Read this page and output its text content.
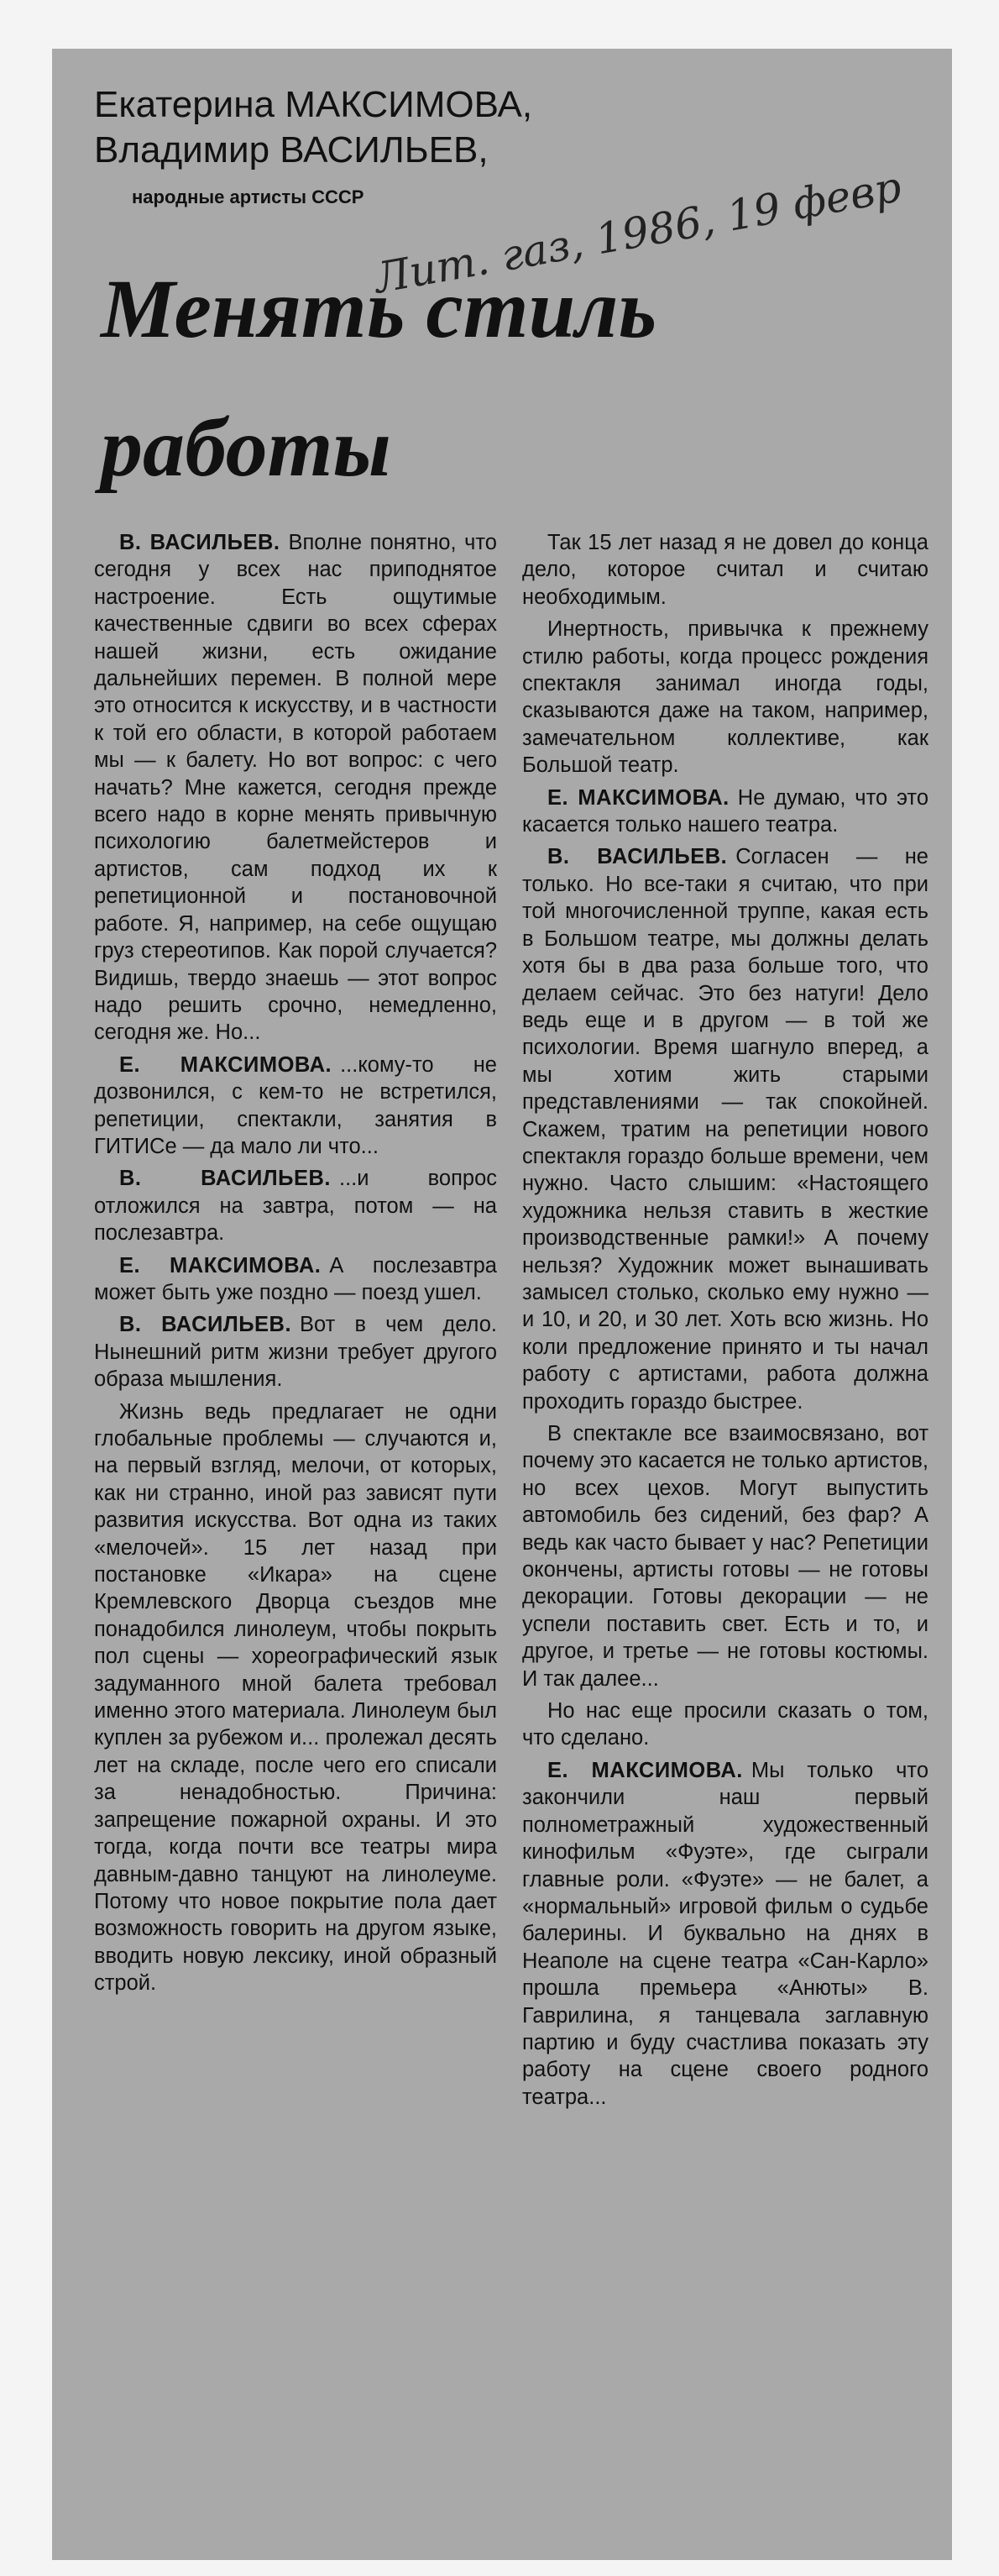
Екатерина МАКСИМОВА,
Владимир ВАСИЛЬЕВ,
народные артисты СССР Лит. газ, 1986, 19 февр
Менять стиль
работы

В. ВАСИЛЬЕВ. Вполне понятно, что сегодня у всех нас приподнятое настроение. Есть ощутимые качественные сдвиги во всех сферах нашей жизни, есть ожидание дальнейших перемен. В полной мере это относится к искусству, и в частности к той его области, в которой работаем мы — к балету. Но вот вопрос: с чего начать? Мне кажется, сегодня прежде всего надо в корне менять привычную психологию балетмейстеров и артистов, сам подход их к репетиционной и постановочной работе. Я, например, на себе ощущаю груз стереотипов. Как порой случается? Видишь, твердо знаешь — этот вопрос надо решить срочно, немедленно, сегодня же. Но...

Е. МАКСИМОВА. ...кому-то не дозвонился, с кем-то не встретился, репетиции, спектакли, занятия в ГИТИСе — да мало ли что...

В. ВАСИЛЬЕВ. ...и вопрос отложился на завтра, потом — на послезавтра.

Е. МАКСИМОВА. А послезавтра может быть уже поздно — поезд ушел.

В. ВАСИЛЬЕВ. Вот в чем дело. Нынешний ритм жизни требует другого образа мышления.

Жизнь ведь предлагает не одни глобальные проблемы — случаются и, на первый взгляд, мелочи, от которых, как ни странно, иной раз зависят пути развития искусства. Вот одна из таких «мелочей». 15 лет назад при постановке «Икара» на сцене Кремлевского Дворца съездов мне понадобился линолеум, чтобы покрыть пол сцены — хореографический язык задуманного мной балета требовал именно этого материала. Линолеум был куплен за рубежом и... пролежал десять лет на складе, после чего его списали за ненадобностью. Причина: запрещение пожарной охраны. И это тогда, когда почти все театры мира давным-давно танцуют на линолеуме. Потому что новое покрытие пола дает возможность говорить на другом языке, вводить новую лексику, иной образный строй.

Так 15 лет назад я не довел до конца дело, которое считал и считаю необходимым.

Инертность, привычка к прежнему стилю работы, когда процесс рождения спектакля занимал иногда годы, сказываются даже на таком, например, замечательном коллективе, как Большой театр.

Е. МАКСИМОВА. Не думаю, что это касается только нашего театра.

В. ВАСИЛЬЕВ. Согласен — не только. Но все-таки я считаю, что при той многочисленной труппе, какая есть в Большом театре, мы должны делать хотя бы в два раза больше того, что делаем сейчас. Это без натуги! Дело ведь еще и в другом — в той же психологии. Время шагнуло вперед, а мы хотим жить старыми представлениями — так спокойней. Скажем, тратим на репетиции нового спектакля гораздо больше времени, чем нужно. Часто слышим: «Настоящего художника нельзя ставить в жесткие производственные рамки!» А почему нельзя? Художник может вынашивать замысел столько, сколько ему нужно — и 10, и 20, и 30 лет. Хоть всю жизнь. Но коли предложение принято и ты начал работу с артистами, работа должна проходить гораздо быстрее.

В спектакле все взаимосвязано, вот почему это касается не только артистов, но всех цехов. Могут выпустить автомобиль без сидений, без фар? А ведь как часто бывает у нас? Репетиции окончены, артисты готовы — не готовы декорации. Готовы декорации — не успели поставить свет. Есть и то, и другое, и третье — не готовы костюмы. И так далее...

Но нас еще просили сказать о том, что сделано.

Е. МАКСИМОВА. Мы только что закончили наш первый полнометражный художественный кинофильм «Фуэте», где сыграли главные роли. «Фуэте» — не балет, а «нормальный» игровой фильм о судьбе балерины. И буквально на днях в Неаполе на сцене театра «Сан-Карло» прошла премьера «Анюты» В. Гаврилина, я танцевала заглавную партию и буду счастлива показать эту работу на сцене своего родного театра...
